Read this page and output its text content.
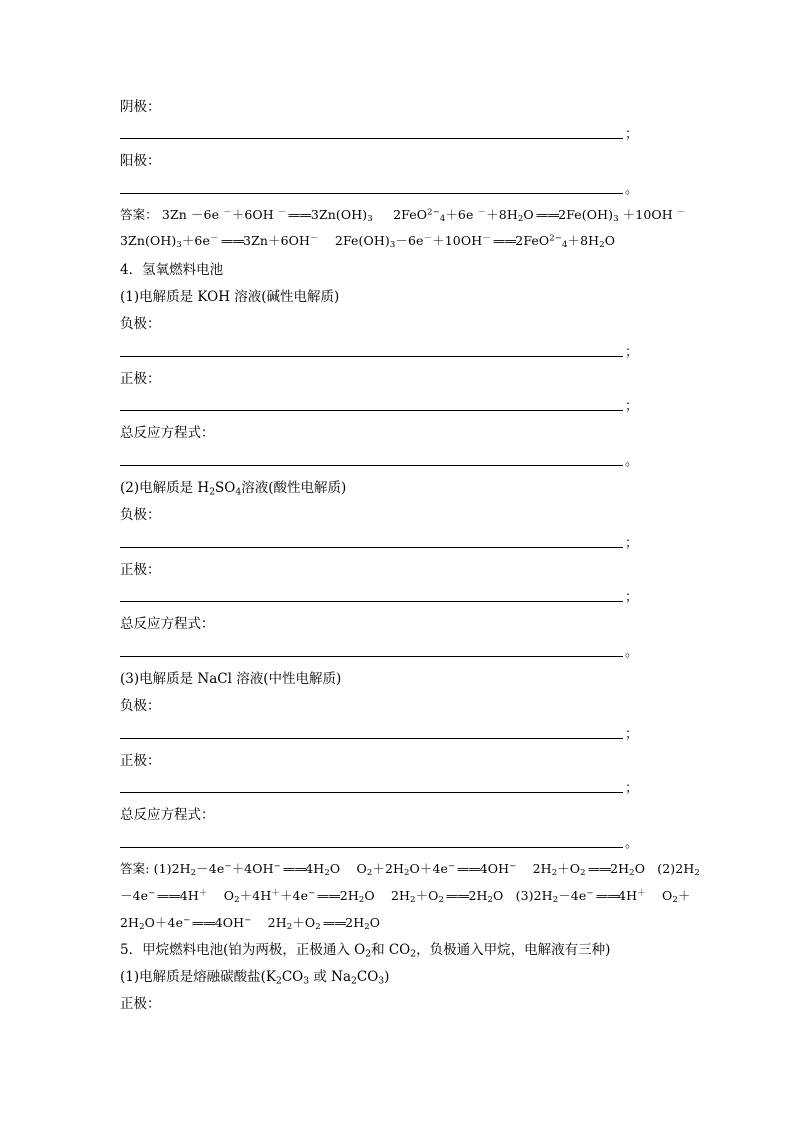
阴极：
；
阳极：
。
答案： 3Zn －6e －＋6OH $^-==3Zn(OH)_3$     2FeO$^{2-}_4$＋6e $^-+8H_2O==2Fe(OH)_3 +10OH$ －
$3Zn(OH)_3+6e^-==3Zn+6OH^-$    $2Fe(OH)_3-6e^-+10OH^-==2FeO^{2-}_4+8H_2O$
4．氢氧燃料电池
(1)电解质是 KOH 溶液(碱性电解质)
负极：
；
正极：
；
总反应方程式：
。
(2)电解质是 $H_2SO_4$溶液(酸性电解质)
负极：
；
正极：
；
总反应方程式：
。
(3)电解质是 NaCl 溶液(中性电解质)
负极：
；
正极：
；
总反应方程式：
。
答案: $(1)2H_2-4e^-+4OH^-==4H_2O$    $O_2+2H_2O+4e^-==4OH^-$    $2H_2+O_2==2H_2O$   $(2)2H_2$
－4e−==4H＋    $O_2+4H^++4e^-==2H_2O$    $2H_2+O_2==2H_2O$   $(3)2H_2-4e^-==4H^+$    $O_2+$
$2H_2O+4e^-==4OH^-$    $2H_2+O_2==2H_2O$
5．甲烷燃料电池(铂为两极，正极通入 $O_2$和 $CO_2$，负极通入甲烷，电解液有三种)
(1)电解质是熔融碳酸盐($K_2CO_3$ 或 $Na_2CO_3$)
正极：
